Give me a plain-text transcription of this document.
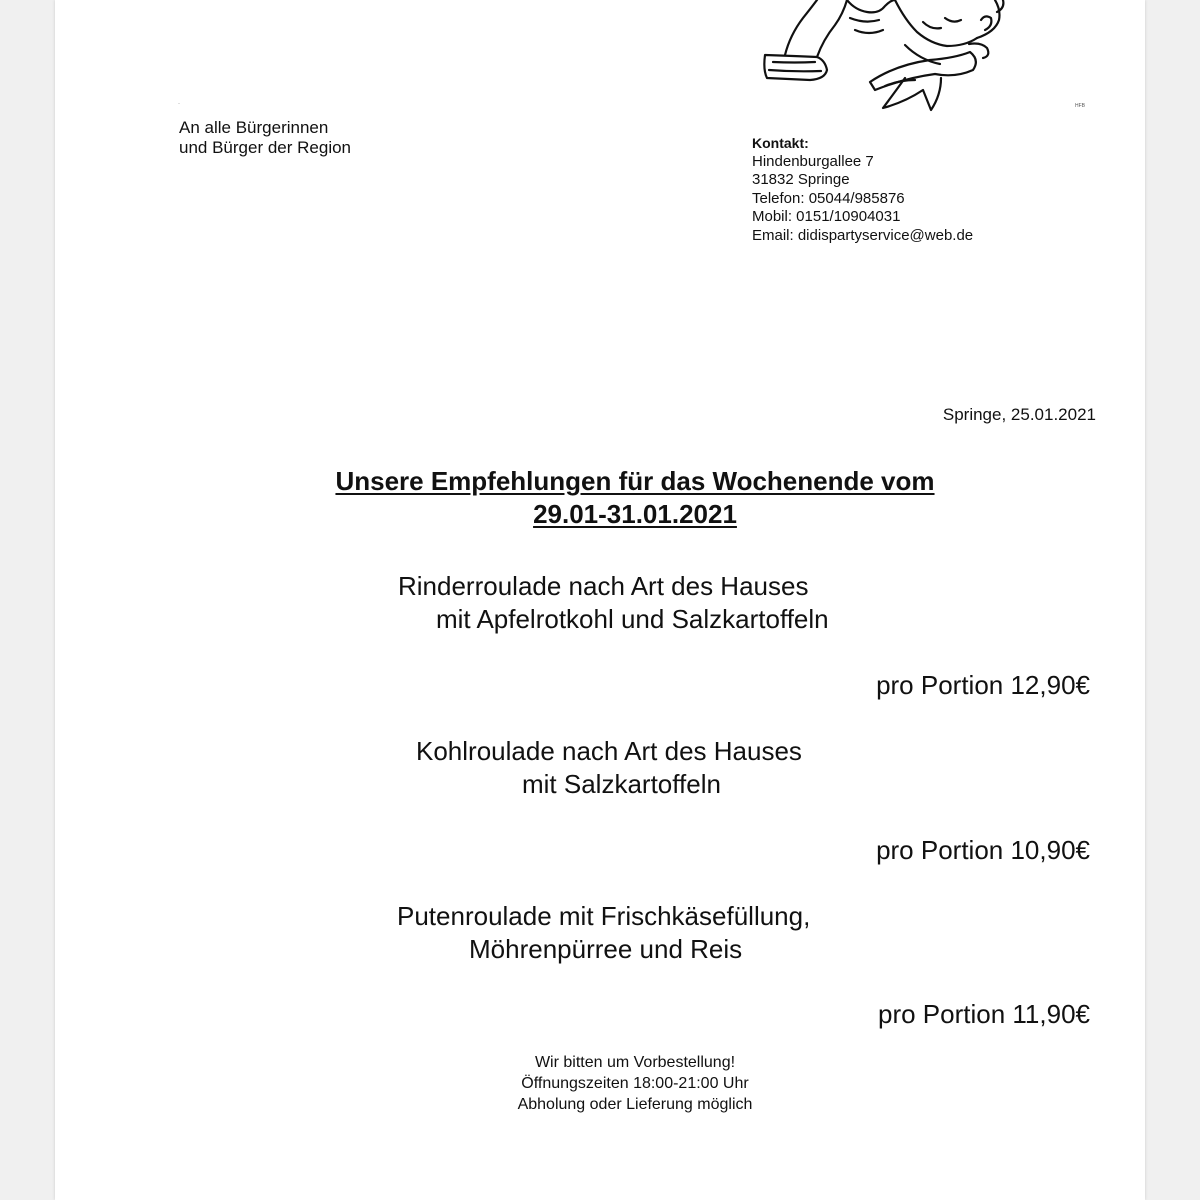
HFB
·
An alle Bürgerinnen
und Bürger der Region	Kontakt:
Hindenburgallee 7
31832 Springe
Telefon: 05044/985876
Mobil: 0151/10904031
Email: didispartyservice@web.de
Springe, 25.01.2021
Unsere Empfehlungen für das Wochenende vom
29.01-31.01.2021
Rinderroulade nach Art des Hauses
mit Apfelrotkohl und Salzkartoffeln
pro Portion 12,90€
Kohlroulade nach Art des Hauses
mit Salzkartoffeln
pro Portion 10,90€
Putenroulade mit Frischkäsefüllung,
Möhrenpürree und Reis
pro Portion 11,90€
Wir bitten um Vorbestellung!
Öffnungszeiten 18:00-21:00 Uhr
Abholung oder Lieferung möglich
